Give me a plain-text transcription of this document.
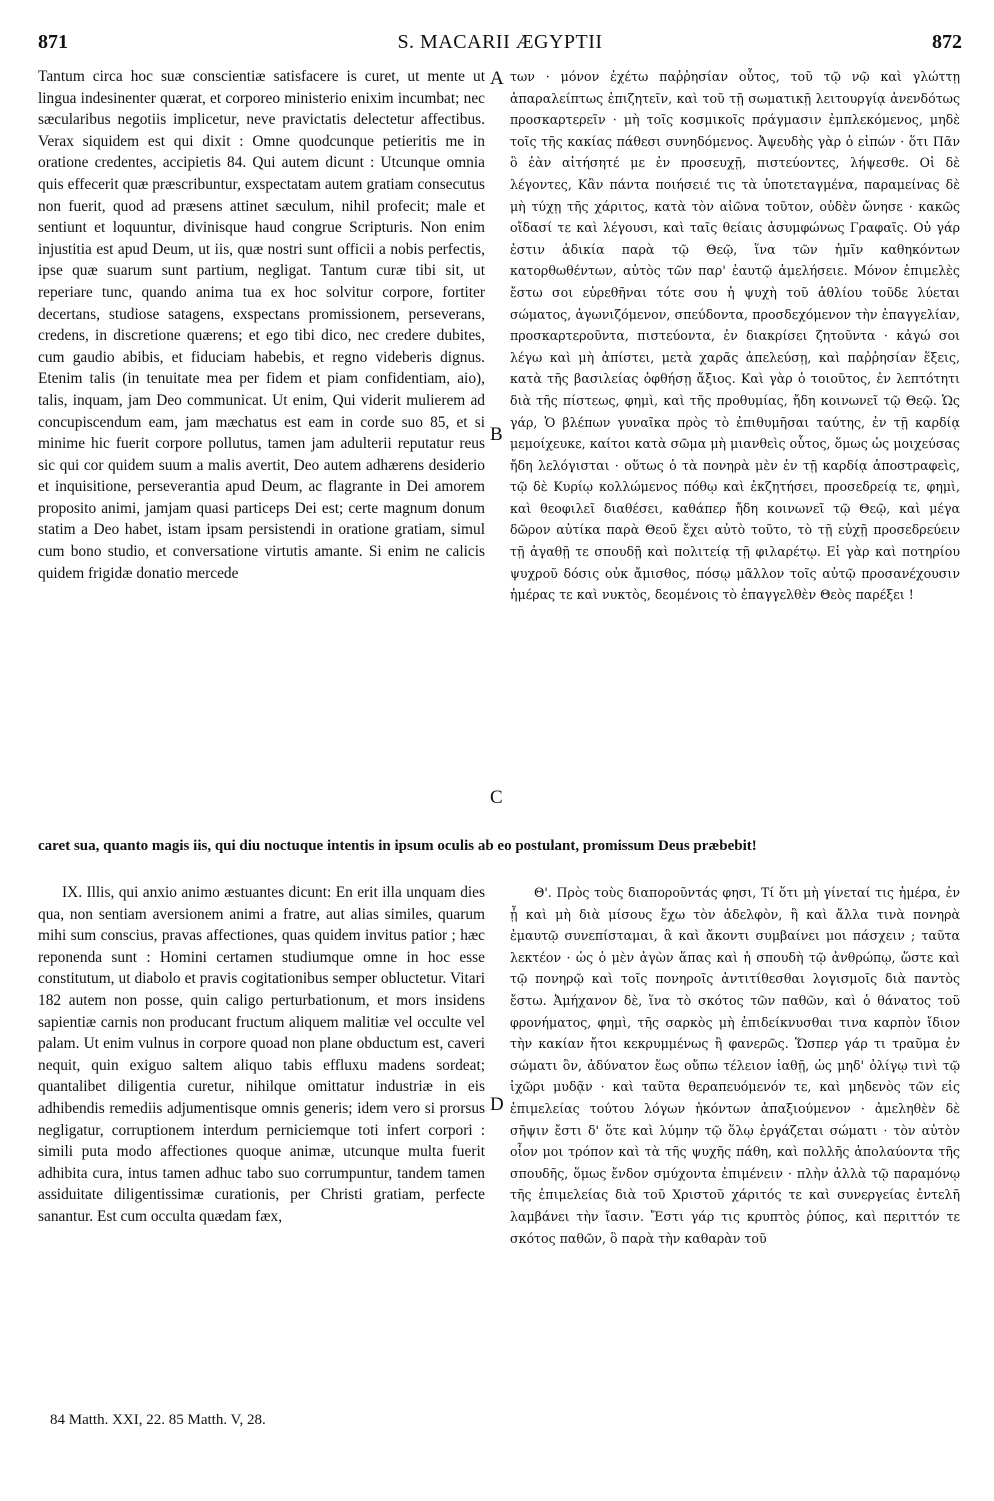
871	S. MACARII ÆGYPTII	872
Tantum circa hoc suæ conscientiæ satisfacere is curet, ut mente ut lingua indesinenter quærat, et corporeo ministerio enixim incumbat; nec sæcularibus negotiis implicetur, neve pravictatis delectetur affectibus. Verax siquidem est qui dixit : Omne quodcunque petieritis me in oratione credentes, accipietis 84. Qui autem dicunt : Utcunque omnia quis effecerit quæ præscribuntur, exspectatam autem gratiam consecutus non fuerit, quod ad præsens attinet sæculum, nihil profecit; male et sentiunt et loquuntur, divinisque haud congrue Scripturis. Non enim injustitia est apud Deum, ut iis, quæ nostri sunt officii a nobis perfectis, ipse quæ suarum sunt partium, negligat. Tantum curæ tibi sit, ut reperiare tunc, quando anima tua ex hoc solvitur corpore, fortiter decertans, studiose satagens, exspectans promissionem, perseverans, credens, in discretione quærens; et ego tibi dico, nec credere dubites, cum gaudio abibis, et fiduciam habebis, et regno videberis dignus. Etenim talis (in tenuitate mea per fidem et piam confidentiam, aio), talis, inquam, jam Deo communicat. Ut enim, Qui viderit mulierem ad concupiscendum eam, jam mæchatus est eam in corde suo 85, et si minime hic fuerit corpore pollutus, tamen jam adulterii reputatur reus sic qui cor quidem suum a malis avertit, Deo autem adhærens desiderio et inquisitione, perseverantia apud Deum, ac flagrante in Dei amorem proposito animi, jamjam quasi particeps Dei est; certe magnum donum statim a Deo habet, istam ipsam persistendi in oratione gratiam, simul cum bono studio, et conversatione virtutis amante. Si enim ne calicis quidem frigidæ donatio mercede
των · μόνον ἐχέτω παῤῥησίαν οὗτος, τοῦ τῷ νῷ καὶ γλώττῃ ἀπαραλείπτως ἐπιζητεῖν, καὶ τοῦ τῇ σωματικῇ λειτουργίᾳ ἀνενδότως προσκαρτερεῖν · μὴ τοῖς κοσμικοῖς πράγμασιν ἐμπλεκόμενος, μηδὲ τοῖς τῆς κακίας πάθεσι συνηδόμενος. Ἀψευδὴς γὰρ ὁ εἰπών · ὅτι Πᾶν ὃ ἐὰν αἰτήσητέ με ἐν προσευχῇ, πιστεύοντες, λήψεσθε. Οἱ δὲ λέγοντες, Κἂν πάντα ποιήσειέ τις τὰ ὑποτεταγμένα, παραμείνας δὲ μὴ τύχῃ τῆς χάριτος, κατὰ τὸν αἰῶνα τοῦτον, οὐδὲν ὤνησε · κακῶς οἴδασί τε καὶ λέγουσι, καὶ ταῖς θείαις ἀσυμφώνως Γραφαῖς. Οὐ γάρ ἐστιν ἀδικία παρὰ τῷ Θεῷ, ἵνα τῶν ἡμῖν καθηκόντων κατορθωθέντων, αὐτὸς τῶν παρ' ἑαυτῷ ἀμελήσειε. Μόνον ἐπιμελὲς ἔστω σοι εὑρεθῆναι τότε σου ἡ ψυχὴ τοῦ ἀθλίου τοῦδε λύεται σώματος, ἀγωνιζόμενον, σπεύδοντα, προσδεχόμενον τὴν ἐπαγγελίαν, προσκαρτεροῦντα, πιστεύοντα, ἐν διακρίσει ζητοῦντα · κἀγώ σοι λέγω καὶ μὴ ἀπίστει, μετὰ χαρᾶς ἀπελεύσῃ, καὶ παῤῥησίαν ἕξεις, κατὰ τῆς βασιλείας ὀφθήσῃ ἄξιος. Καὶ γὰρ ὁ τοιοῦτος, ἐν λεπτότητι διὰ τῆς πίστεως, φημὶ, καὶ τῆς προθυμίας, ἤδη κοινωνεῖ τῷ Θεῷ. Ὡς γάρ, Ὁ βλέπων γυναῖκα πρὸς τὸ ἐπιθυμῆσαι ταύτης, ἐν τῇ καρδίᾳ μεμοίχευκε, καίτοι κατὰ σῶμα μὴ μιανθεὶς οὗτος, ὅμως ὡς μοιχεύσας ἤδη λελόγισται · οὕτως ὁ τὰ πονηρὰ μὲν ἐν τῇ καρδίᾳ ἀποστραφεὶς, τῷ δὲ Κυρίῳ κολλώμενος πόθῳ καὶ ἐκζητήσει, προσεδρείᾳ τε, φημὶ, καὶ θεοφιλεῖ διαθέσει, καθάπερ ἤδη κοινωνεῖ τῷ Θεῷ, καὶ μέγα δῶρον αὐτίκα παρὰ Θεοῦ ἔχει αὐτὸ τοῦτο, τὸ τῇ εὐχῇ προσεδρεύειν τῇ ἀγαθῇ τε σπουδῇ καὶ πολιτείᾳ τῇ φιλαρέτῳ. Εἰ γὰρ καὶ ποτηρίου ψυχροῦ δόσις οὐκ ἄμισθος, πόσῳ μᾶλλον τοῖς αὐτῷ προσανέχουσιν ἡμέρας τε καὶ νυκτὸς, δεομένοις τὸ ἐπαγγελθὲν Θεὸς παρέξει !
A
B
C
D
caret sua, quanto magis iis, qui diu noctuque intentis in ipsum oculis ab eo postulant, promissum Deus præbebit!
IX. Illis, qui anxio animo æstuantes dicunt: En erit illa unquam dies qua, non sentiam aversionem animi a fratre, aut alias similes, quarum mihi sum conscius, pravas affectiones, quas quidem invitus patior ; hæc reponenda sunt : Homini certamen studiumque omne in hoc esse constitutum, ut diabolo et pravis cogitationibus semper obluctetur. Vitari 182 autem non posse, quin caligo perturbationum, et mors insidens sapientiæ carnis non producant fructum aliquem malitiæ vel occulte vel palam. Ut enim vulnus in corpore quoad non plane obductum est, caveri nequit, quin exiguo saltem aliquo tabis effluxu madens sordeat; quantalibet diligentia curetur, nihilque omittatur industriæ in eis adhibendis remediis adjumentisque omnis generis; idem vero si prorsus negligatur, corruptionem interdum perniciemque toti infert corpori : simili puta modo affectiones quoque animæ, utcunque multa fuerit adhibita cura, intus tamen adhuc tabo suo corrumpuntur, tandem tamen assiduitate diligentissimæ curationis, per Christi gratiam, perfecte sanantur. Est cum occulta quædam fæx,
Θ'. Πρὸς τοὺς διαποροῦντάς φησι, Τί ὅτι μὴ γίνεταί τις ἡμέρα, ἐν ᾗ καὶ μὴ διὰ μίσους ἔχω τὸν ἀδελφὸν, ἢ καὶ ἄλλα τινὰ πονηρὰ ἐμαυτῷ συνεπίσταμαι, ἃ καὶ ἄκοντι συμβαίνει μοι πάσχειν ; ταῦτα λεκτέον · ὡς ὁ μὲν ἀγὼν ἅπας καὶ ἡ σπουδὴ τῷ ἀνθρώπῳ, ὥστε καὶ τῷ πονηρῷ καὶ τοῖς πονηροῖς ἀντιτίθεσθαι λογισμοῖς διὰ παντὸς ἔστω. Ἀμήχανον δὲ, ἵνα τὸ σκότος τῶν παθῶν, καὶ ὁ θάνατος τοῦ φρονήματος, φημὶ, τῆς σαρκὸς μὴ ἐπιδείκνυσθαι τινα καρπὸν ἴδιον τὴν κακίαν ἤτοι κεκρυμμένως ἢ φανερῶς. Ὥσπερ γάρ τι τραῦμα ἐν σώματι ὂν, ἀδύνατον ἕως οὔπω τέλειον ἰαθῇ, ὡς μηδ' ὀλίγῳ τινὶ τῷ ἰχῶρι μυδᾷν · καὶ ταῦτα θεραπευόμενόν τε, καὶ μηδενὸς τῶν εἰς ἐπιμελείας τούτου λόγων ἡκόντων ἀπαξιούμενον · ἀμεληθὲν δὲ σῆψιν ἔστι δ' ὅτε καὶ λύμην τῷ ὅλῳ ἐργάζεται σώματι · τὸν αὐτὸν οἶον μοι τρόπον καὶ τὰ τῆς ψυχῆς πάθη, καὶ πολλῆς ἀπολαύοντα τῆς σπουδῆς, ὅμως ἔνδον σμύχοντα ἐπιμένειν · πλὴν ἀλλὰ τῷ παραμόνῳ τῆς ἐπιμελείας διὰ τοῦ Χριστοῦ χάριτός τε καὶ συνεργείας ἐντελῆ λαμβάνει τὴν ἴασιν. Ἔστι γάρ τις κρυπτὸς ῥύπος, καὶ περιττόν τε σκότος παθῶν, ὃ παρὰ τὴν καθαρὰν τοῦ
84 Matth. XXI, 22. 85 Matth. V, 28.
